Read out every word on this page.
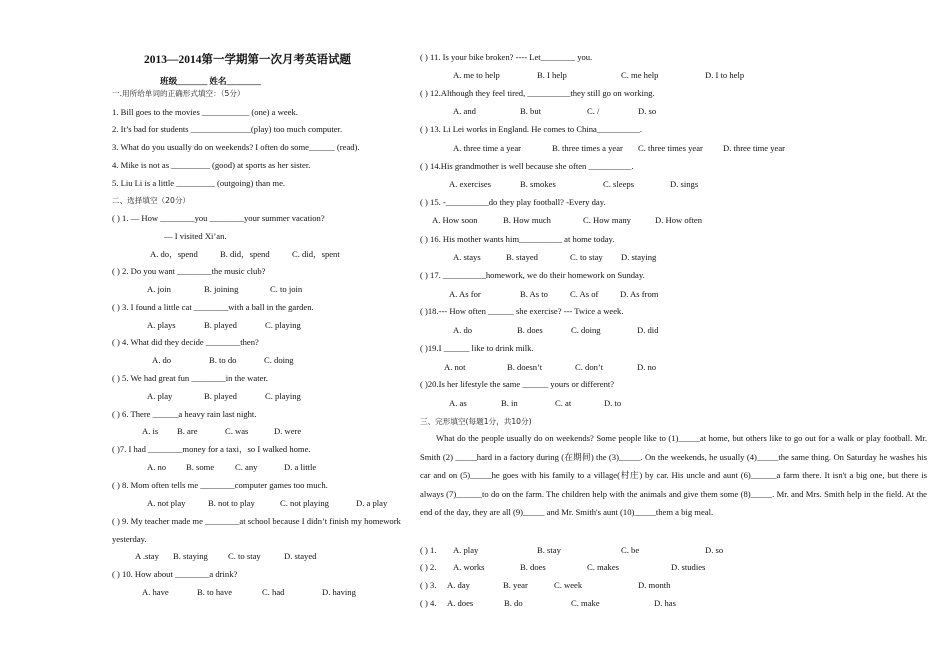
2013—2014第一学期第一次月考英语试题
班级_______ 姓名________
一.用所给单词的正确形式填空：（5分）
1. Bill goes to the movies ___________ (one) a week.
2. It’s bad for students ______________(play) too much computer.
3. What do you usually do on weekends? I often do some______ (read).
4. Mike is not as _________ (good) at sports as her sister.
5. Liu Li is a little _________ (outgoing) than me.
二、选择填空（20分）
( ) 1. — How ________you ________your summer vacation?
— I visited Xi’an.
A. do，spend	B. did，spend	C. did，spent
( ) 2. Do you want ________the music club?
A. join	B. joining	C. to join
( ) 3. I found a little cat ________with a ball in the garden.
A. plays	B. played	C. playing
( ) 4. What did they decide ________then?
A. do	B. to do	C. doing
( ) 5. We had great fun ________in the water.
A. play	B. played	C. playing
( ) 6. There ______a heavy rain last night.
A. is B. are	C. was	D. were
( )7. I had ________money for a taxi，so I walked home.
A. no B. some C. any	D. a little
( ) 8. Mom often tells me ________computer games too much.
A. not play	B. not to play	C. not playing	D. a play
( ) 9. My teacher made me ________at school because I didn’t finish my homework yesterday.
A .stay B. staying C. to stay	D. stayed
( ) 10. How about ________a drink?
A. have	B. to have	C. had	D. having
( ) 11. Is your bike broken? ---- Let________ you.
A. me to help	B. I help	C. me help	D. I to help
( ) 12.Although they feel tired, __________they still go on working.
A. and	B. but	C. /	D. so
( ) 13. Li Lei works in England. He comes to China__________.
A. three time a year	B. three times a year C. three times year D. three time year
( ) 14.His grandmother is well because she often __________.
A. exercises	B. smokes	C. sleeps	D. sings
( ) 15. -__________do they play football? -Every day.
A. How soon	B. How much	C. How many	D. How often
( ) 16. His mother wants him__________ at home today.
A. stays	B. stayed	C. to stay D. staying
( ) 17. __________homework, we do their homework on Sunday.
A. As for	B. As to	C. As of	D. As from
( )18.--- How often ______ she exercise? --- Twice a week.
A. do	B. does	C. doing	D. did
( )19.I ______ like to drink milk.
A. not	B. doesn’t	C. don’t	D. no
( )20.Is her lifestyle the same ______ yours or different?
A. as	B. in	C. at	D. to
三、完形填空(每题1分，共10分)
What do the people usually do on weekends? Some people like to (1)_____at home, but others like to go out for a walk or play football. Mr. Smith (2) _____hard in a factory during (在期间) the (3)_____. On the weekends, he usually (4)_____the same thing. On Saturday he washes his car and on (5)_____he goes with his family to a village(村庄) by car. His uncle and aunt (6)______a farm there. It isn't a big one, but there is always (7)______to do on the farm. The children help with the animals and give them some (8)_____. Mr. and Mrs. Smith help in the field. At the end of the day, they are all (9)_____ and Mr. Smith's aunt (10)_____them a big meal.
( ) 1. A. play	B. stay	C. be	D. so
( ) 2. A. works	B. does	C. makes	D. studies
( ) 3. A. day	B. year	C. week	D. month
( ) 4. A. does	B. do	C. make	D. has
